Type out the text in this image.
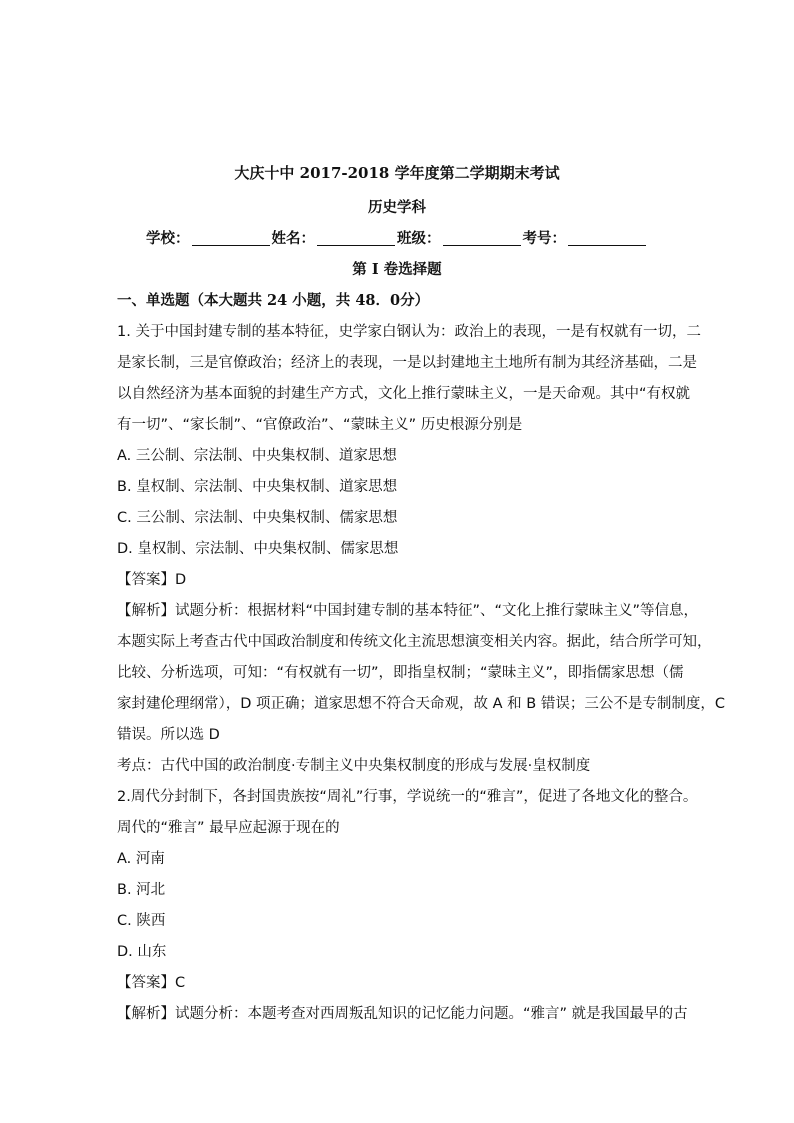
大庆十中 2017-2018 学年度第二学期期末考试
历史学科
学校：	姓名：	班级：	考号：
第 I 卷选择题
一、单选题（本大题共 24 小题，共 48．0分）
1. 关于中国封建专制的基本特征，史学家白钢认为：政治上的表现，一是有权就有一切，二
是家长制，三是官僚政治；经济上的表现，一是以封建地主土地所有制为其经济基础，二是
以自然经济为基本面貌的封建生产方式，文化上推行蒙昧主义，一是天命观。其中“有权就
有一切”、“家长制”、“官僚政治”、“蒙昧主义” 历史根源分别是
A. 三公制、宗法制、中央集权制、道家思想
B. 皇权制、宗法制、中央集权制、道家思想
C. 三公制、宗法制、中央集权制、儒家思想
D. 皇权制、宗法制、中央集权制、儒家思想
【答案】D
【解析】试题分析：根据材料“中国封建专制的基本特征”、“文化上推行蒙昧主义”等信息，
本题实际上考查古代中国政治制度和传统文化主流思想演变相关内容。据此，结合所学可知，
比较、分析选项，可知：“有权就有一切”，即指皇权制；“蒙昧主义”，即指儒家思想（儒
家封建伦理纲常），D 项正确；道家思想不符合天命观，故 A 和 B 错误；三公不是专制制度，C
错误。所以选 D
考点：古代中国的政治制度·专制主义中央集权制度的形成与发展·皇权制度
2.周代分封制下，各封国贵族按“周礼”行事，学说统一的“雅言”，促进了各地文化的整合。
周代的“雅言” 最早应起源于现在的
A. 河南
B. 河北
C. 陕西
D. 山东
【答案】C
【解析】试题分析：本题考查对西周叛乱知识的记忆能力问题。“雅言” 就是我国最早的古
